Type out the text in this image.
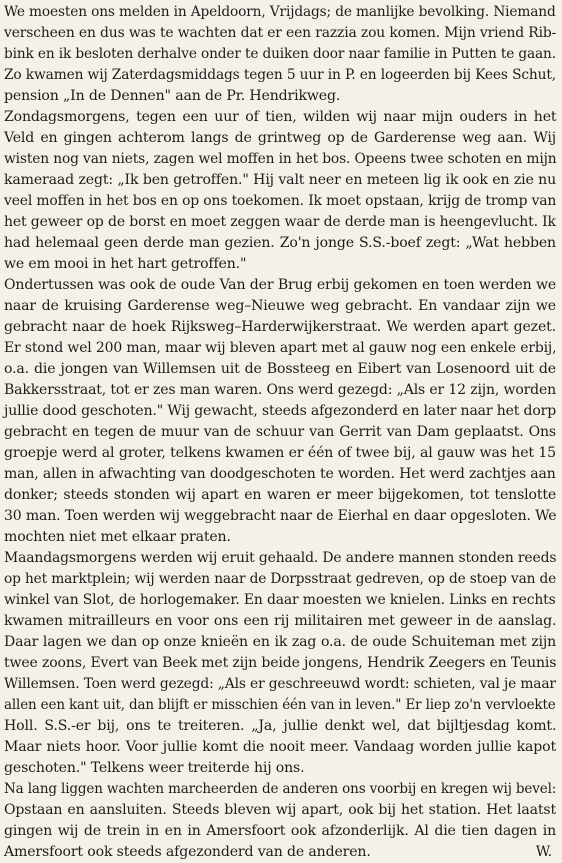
We moesten ons melden in Apeldoorn, Vrijdags; de manlijke bevolking. Niemand
verscheen en dus was te wachten dat er een razzia zou komen. Mijn vriend Rib-
bink en ik besloten derhalve onder te duiken door naar familie in Putten te gaan.
Zo kwamen wij Zaterdagsmiddags tegen 5 uur in P. en logeerden bij Kees Schut,
pension „In de Dennen" aan de Pr. Hendrikweg.
Zondagsmorgens, tegen een uur of tien, wilden wij naar mijn ouders in het
Veld en gingen achterom langs de grintweg op de Garderense weg aan. Wij
wisten nog van niets, zagen wel moffen in het bos. Opeens twee schoten en mijn
kameraad zegt: „Ik ben getroffen." Hij valt neer en meteen lig ik ook en zie nu
veel moffen in het bos en op ons toekomen. Ik moet opstaan, krijg de tromp van
het geweer op de borst en moet zeggen waar de derde man is heengevlucht. Ik
had helemaal geen derde man gezien. Zo'n jonge S.S.-boef zegt: „Wat hebben
we em mooi in het hart getroffen."
Ondertussen was ook de oude Van der Brug erbij gekomen en toen werden we
naar de kruising Garderense weg–Nieuwe weg gebracht. En vandaar zijn we
gebracht naar de hoek Rijksweg–Harderwijkerstraat. We werden apart gezet.
Er stond wel 200 man, maar wij bleven apart met al gauw nog een enkele erbij,
o.a. die jongen van Willemsen uit de Bossteeg en Eibert van Losenoord uit de
Bakkersstraat, tot er zes man waren. Ons werd gezegd: „Als er 12 zijn, worden
jullie dood geschoten." Wij gewacht, steeds afgezonderd en later naar het dorp
gebracht en tegen de muur van de schuur van Gerrit van Dam geplaatst. Ons
groepje werd al groter, telkens kwamen er één of twee bij, al gauw was het 15
man, allen in afwachting van doodgeschoten te worden. Het werd zachtjes aan
donker; steeds stonden wij apart en waren er meer bijgekomen, tot tenslotte
30 man. Toen werden wij weggebracht naar de Eierhal en daar opgesloten. We
mochten niet met elkaar praten.
Maandagsmorgens werden wij eruit gehaald. De andere mannen stonden reeds
op het marktplein; wij werden naar de Dorpsstraat gedreven, op de stoep van de
winkel van Slot, de horlogemaker. En daar moesten we knielen. Links en rechts
kwamen mitrailleurs en voor ons een rij militairen met geweer in de aanslag.
Daar lagen we dan op onze knieën en ik zag o.a. de oude Schuiteman met zijn
twee zoons, Evert van Beek met zijn beide jongens, Hendrik Zeegers en Teunis
Willemsen. Toen werd gezegd: „Als er geschreeuwd wordt: schieten, val je maar
allen een kant uit, dan blijft er misschien één van in leven." Er liep zo'n vervloekte
Holl. S.S.-er bij, ons te treiteren. „Ja, jullie denkt wel, dat bijltjesdag komt.
Maar niets hoor. Voor jullie komt die nooit meer. Vandaag worden jullie kapot
geschoten." Telkens weer treiterde hij ons.
Na lang liggen wachten marcheerden de anderen ons voorbij en kregen wij bevel:
Opstaan en aansluiten. Steeds bleven wij apart, ook bij het station. Het laatst
gingen wij de trein in en in Amersfoort ook afzonderlijk. Al die tien dagen in
Amersfoort ook steeds afgezonderd van de anderen.	W.
